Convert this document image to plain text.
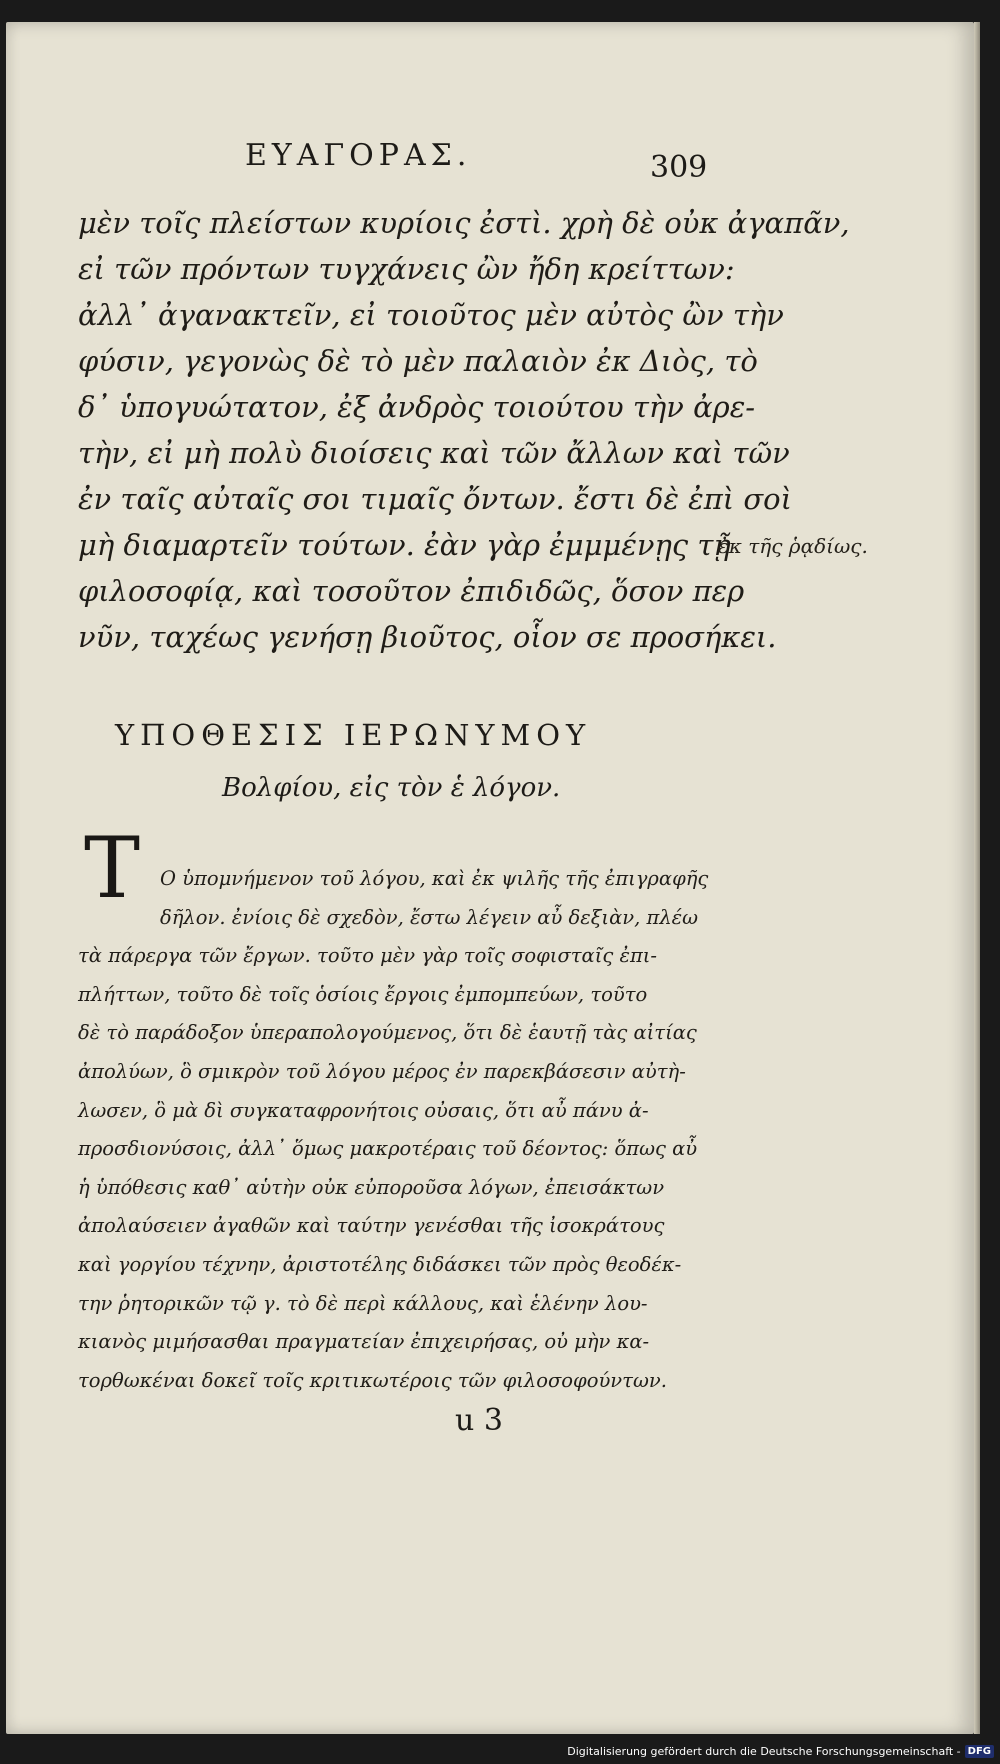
ΕΥΑΓΟΡΑΣ.	309
μὲν τοῖς πλείστων κυρίοις ἐστὶ. χρὴ δὲ οὐκ ἀγαπᾶν,
εἰ τῶν πρόντων τυγχάνεις ὢν ἤδη κρείττων:
ἀλλ᾽ ἀγανακτεῖν, εἰ τοιοῦτος μὲν αὐτὸς ὢν τὴν
φύσιν, γεγονὼς δὲ τὸ μὲν παλαιὸν ἐκ Διὸς, τὸ
δ᾽ ὑπογυώτατον, ἐξ ἀνδρὸς τοιούτου τὴν ἀρε-
τὴν, εἰ μὴ πολὺ διοίσεις καὶ τῶν ἄλλων καὶ τῶν
ἐν ταῖς αὐταῖς σοι τιμαῖς ὄντων. ἔστι δὲ ἐπὶ σοὶ
μὴ διαμαρτεῖν τούτων. ἐὰν γὰρ ἐμμμένῃς τῇ
φιλοσοφίᾳ, καὶ τοσοῦτον ἐπιδιδῶς, ὅσον περ
νῦν, ταχέως γενήσῃ βιοῦτος, οἷον σε προσήκει.
ἐκ τῆς ῥᾳδίως.
ΥΠΟΘΕΣΙΣ ΙΕΡΩΝΥΜΟΥ
Βολφίου, εἰς τὸν ἑ λόγον.
T	Ο ὑπομνήμενον τοῦ λόγου, καὶ ἐκ ψιλῆς τῆς ἐπιγραφῆς
δῆλον. ἐνίοις δὲ σχεδὸν, ἔστω λέγειν αὖ δεξιὰν, πλέω
τὰ πάρεργα τῶν ἔργων. τοῦτο μὲν γὰρ τοῖς σοφισταῖς ἐπι-
πλήττων, τοῦτο δὲ τοῖς ὁσίοις ἔργοις ἐμπομπεύων, τοῦτο
δὲ τὸ παράδοξον ὑπεραπολογούμενος, ὅτι δὲ ἑαυτῇ τὰς αἰτίας
ἀπολύων, ὃ σμικρὸν τοῦ λόγου μέρος ἐν παρεκβάσεσιν αὐτὴ-
λωσεν, ὃ μὰ δὶ συγκαταφρονήτοις οὐσαις, ὅτι αὖ πάνυ ἀ-
προσδιονύσοις, ἀλλ᾽ ὅμως μακροτέραις τοῦ δέοντος: ὅπως αὖ
ἡ ὑπόθεσις καθ᾽ αὑτὴν οὐκ εὐποροῦσα λόγων, ἐπεισάκτων
ἀπολαύσειεν ἀγαθῶν καὶ ταύτην γενέσθαι τῆς ἰσοκράτους
καὶ γοργίου τέχνην, ἀριστοτέλης διδάσκει τῶν πρὸς θεοδέκ-
την ῥητορικῶν τῷ γ. τὸ δὲ περὶ κάλλους, καὶ ἑλένην λου-
κιανὸς μιμήσασθαι πραγματείαν ἐπιχειρήσας, οὐ μὴν κα-
τορθωκέναι δοκεῖ τοῖς κριτικωτέροις τῶν φιλοσοφούντων.
u 3
Digitalisierung gefördert durch die Deutsche Forschungsgemeinschaft - DFG
